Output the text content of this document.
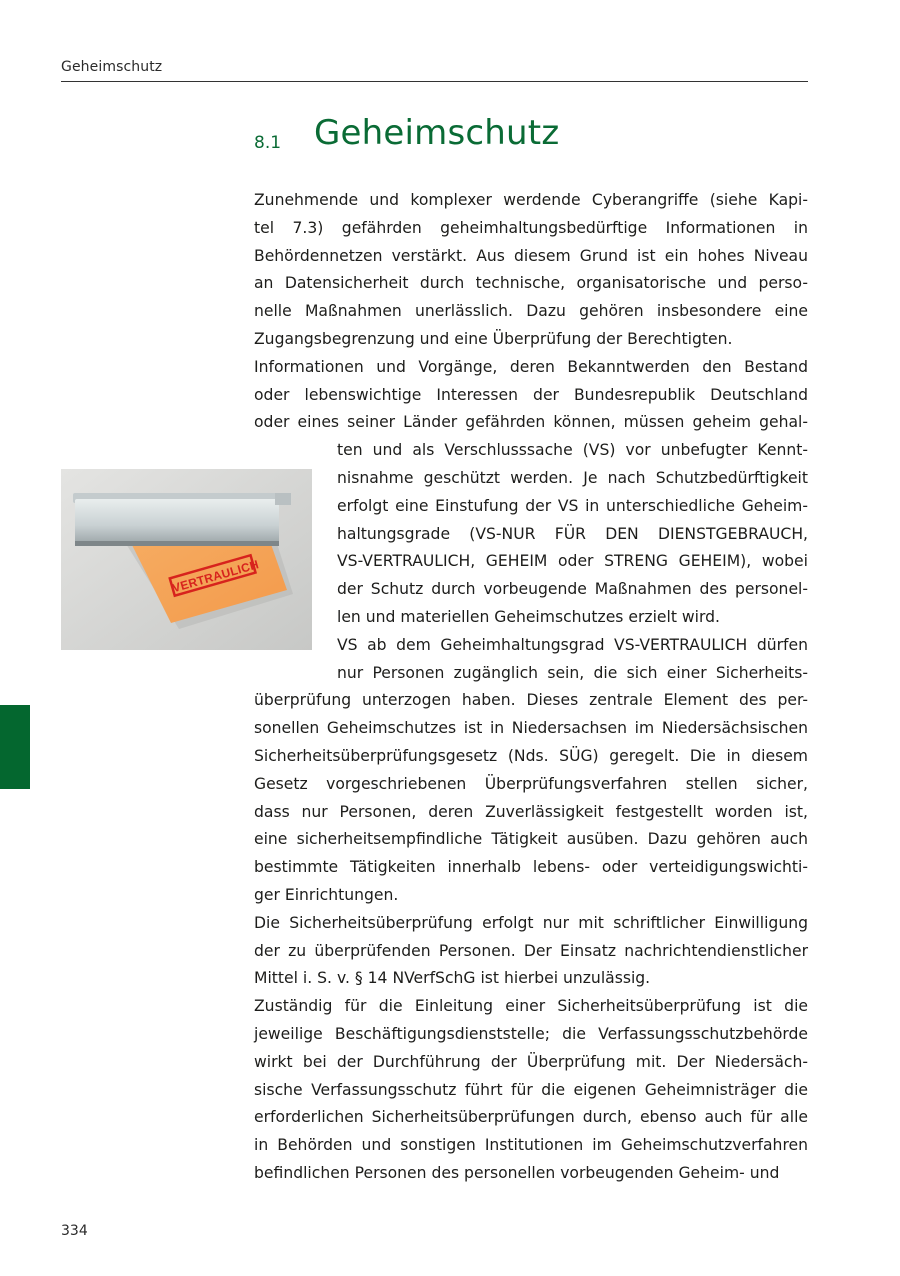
Geheimschutz
8.1 Geheimschutz
VERTRAULICH
Zunehmende und komplexer werdende Cyberangriffe (siehe Kapi-
tel 7.3) gefährden geheimhaltungsbedürftige Informationen in
Behördennetzen verstärkt. Aus diesem Grund ist ein hohes Niveau
an Datensicherheit durch technische, organisatorische und perso-
nelle Maßnahmen unerlässlich. Dazu gehören insbesondere eine
Zugangsbegrenzung und eine Überprüfung der Berechtigten.
Informationen und Vorgänge, deren Bekanntwerden den Bestand
oder lebenswichtige Interessen der Bundesrepublik Deutschland
oder eines seiner Länder gefährden können, müssen geheim gehal-
ten und als Verschlusssache (VS) vor unbefugter Kennt-
nisnahme geschützt werden. Je nach Schutzbedürftigkeit
erfolgt eine Einstufung der VS in unterschiedliche Geheim-
haltungsgrade (VS-NUR FÜR DEN DIENSTGEBRAUCH,
VS-VERTRAULICH, GEHEIM oder STRENG GEHEIM), wobei
der Schutz durch vorbeugende Maßnahmen des personel-
len und materiellen Geheimschutzes erzielt wird.
VS ab dem Geheimhaltungsgrad VS-VERTRAULICH dürfen
nur Personen zugänglich sein, die sich einer Sicherheits-
überprüfung unterzogen haben. Dieses zentrale Element des per-
sonellen Geheimschutzes ist in Niedersachsen im Niedersächsischen
Sicherheitsüberprüfungsgesetz (Nds. SÜG) geregelt. Die in diesem
Gesetz vorgeschriebenen Überprüfungsverfahren stellen sicher,
dass nur Personen, deren Zuverlässigkeit festgestellt worden ist,
eine sicherheitsempfindliche Tätigkeit ausüben. Dazu gehören auch
bestimmte Tätigkeiten innerhalb lebens- oder verteidigungswichti-
ger Einrichtungen.
Die Sicherheitsüberprüfung erfolgt nur mit schriftlicher Einwilligung
der zu überprüfenden Personen. Der Einsatz nachrichtendienstlicher
Mittel i. S. v. § 14 NVerfSchG ist hierbei unzulässig.
Zuständig für die Einleitung einer Sicherheitsüberprüfung ist die
jeweilige Beschäftigungsdienststelle; die Verfassungsschutzbehörde
wirkt bei der Durchführung der Überprüfung mit. Der Niedersäch-
sische Verfassungsschutz führt für die eigenen Geheimnisträger die
erforderlichen Sicherheitsüberprüfungen durch, ebenso auch für alle
in Behörden und sonstigen Institutionen im Geheimschutzverfahren
befindlichen Personen des personellen vorbeugenden Geheim- und
334
